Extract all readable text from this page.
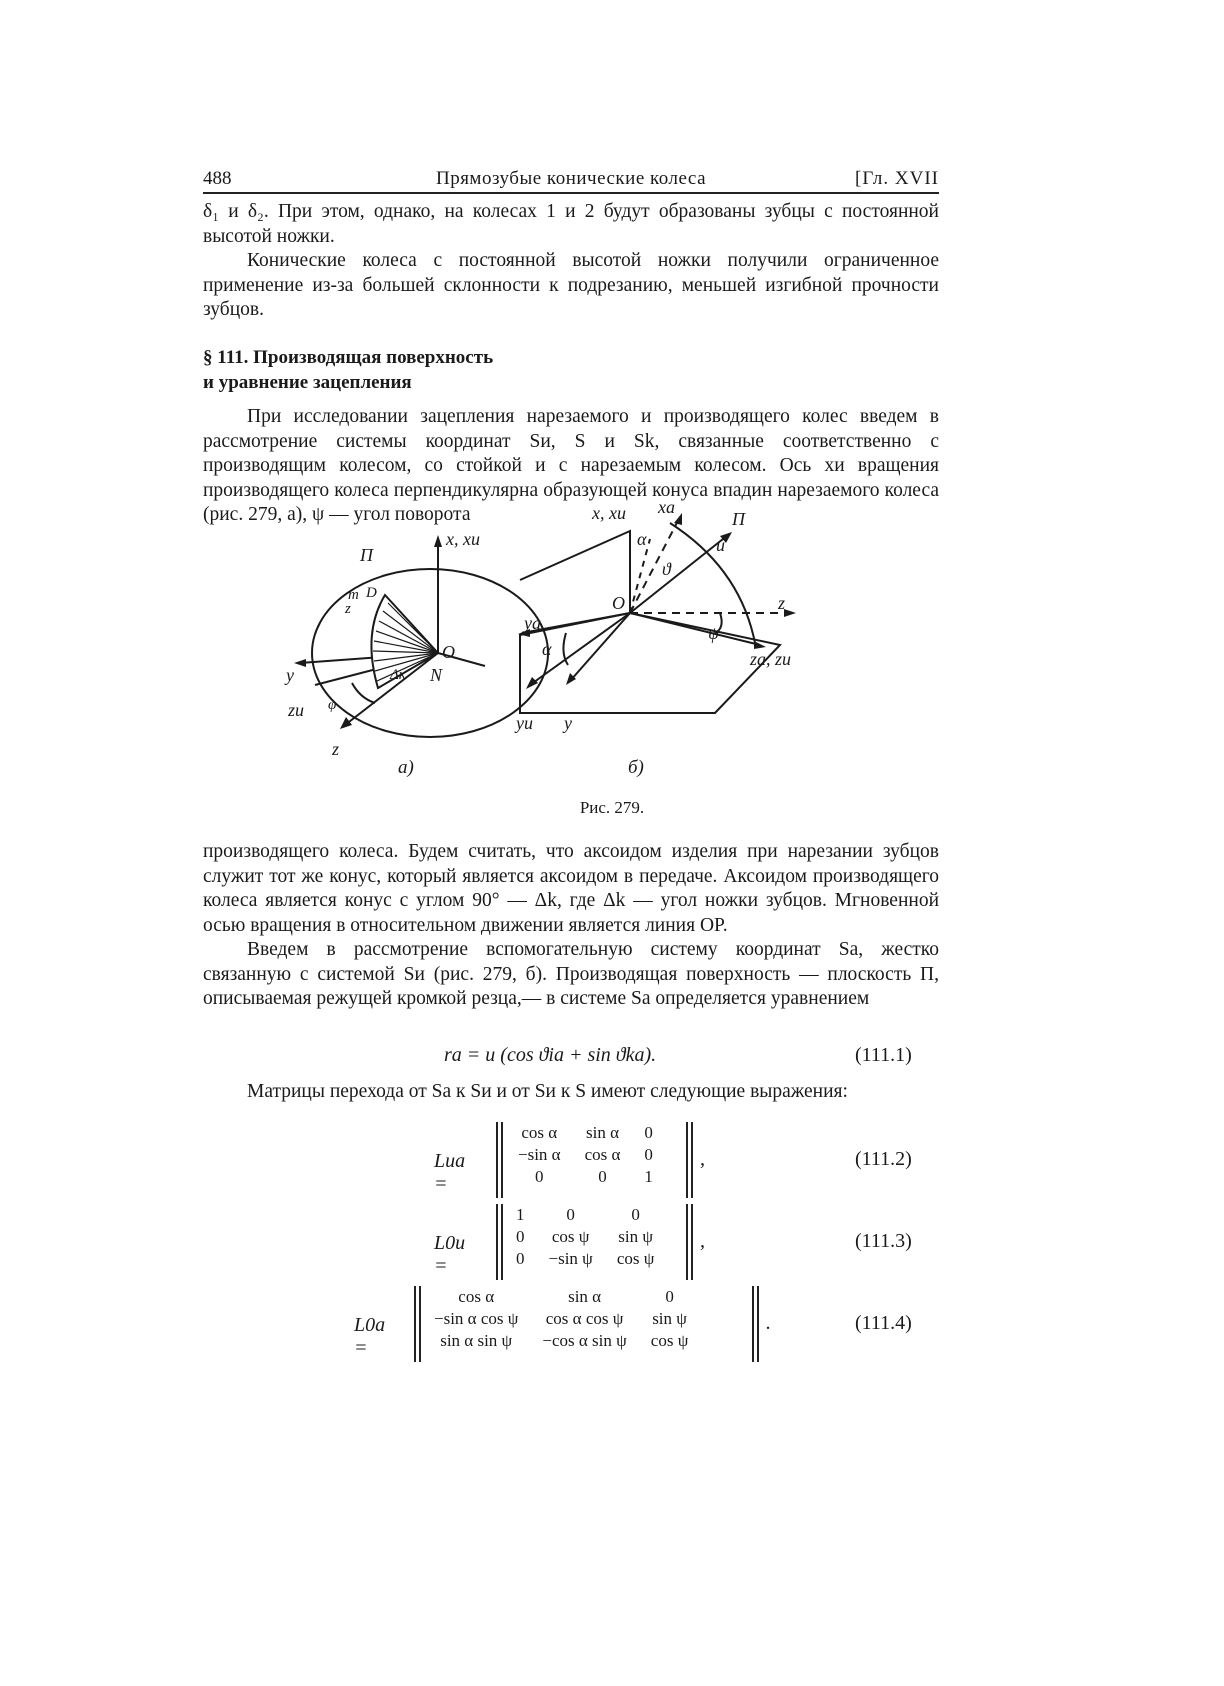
488	Прямозубые конические колеса	[Гл. XVII

δ₁ и δ₂. При этом, однако, на колесах 1 и 2 будут образованы зубцы с постоянной высотой ножки.

Конические колеса с постоянной высотой ножки получили ограниченное применение из-за большей склонности к подрезанию, меньшей изгибной прочности зубцов.

§ 111. Производящая поверхность
и уравнение зацепления

При исследовании зацепления нарезаемого и производящего колес введем в рассмотрение системы координат Sи, S и Sk, связанные соответственно с производящим колесом, со стойкой и с нарезаемым колесом. Ось xи вращения производящего колеса перпендикулярна образующей конуса впадин нарезаемого колеса (рис. 279, а), ψ — угол поворота

x, xи
П
O
m D
z
y
zи φ
Δк N
z
а)
x, xи xa
П
u
ϑ
α
O	z
ya
α
ψ
za, zи
yи y
б)
Рис. 279.

производящего колеса. Будем считать, что аксоидом изделия при нарезании зубцов служит тот же конус, который является аксоидом в передаче. Аксоидом производящего колеса является конус с углом 90° — Δk, где Δk — угол ножки зубцов. Мгновенной осью вращения в относительном движении является линия OP.

Введем в рассмотрение вспомогательную систему координат Sa, жестко связанную с системой Sи (рис. 279, б). Производящая поверхность — плоскость П, описываемая режущей кромкой резца,— в системе Sa определяется уравнением

ra = u (cos ϑia + sin ϑka).	(111.1)

Матрицы перехода от Sa к Sи и от Sи к S имеют следующие выражения:

Lиa =
cos α	sin α	0
−sin α	cos α	0
0	0	1
,	(111.2)
L0и =
1	0	0
0	cos ψ	sin ψ
0	−sin ψ	cos ψ
,	(111.3)
L0a =
cos α	sin α	0
−sin α cos ψ	cos α cos ψ	sin ψ
sin α sin ψ	−cos α sin ψ	cos ψ
.	(111.4)
